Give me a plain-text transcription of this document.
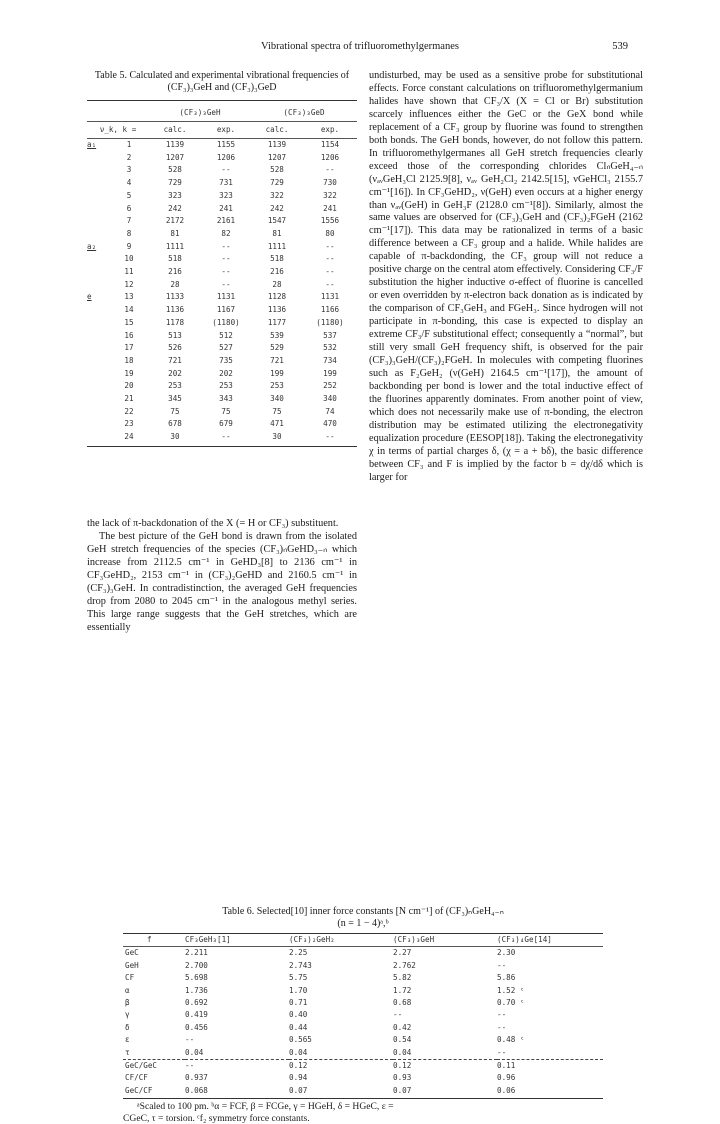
Vibrational spectra of trifluoromethylgermanes	539
Table 5. Calculated and experimental vibrational frequencies of (CF₃)₃GeH and (CF₃)₃GeD
		(CF₃)₃GeH		(CF₃)₃GeD	
ν_k, k =		calc.	exp.	calc.	exp.
a₁	1	1139	1155	1139	1154
	2	1207	1206	1207	1206
	3	528	--	528	--
	4	729	731	729	730
	5	323	323	322	322
	6	242	241	242	241
	7	2172	2161	1547	1556
	8	81	82	81	80
a₂	9	1111	--	1111	--
	10	518	--	518	--
	11	216	--	216	--
	12	28	--	28	--
e	13	1133	1131	1128	1131
	14	1136	1167	1136	1166
	15	1178	(1180)	1177	(1180)
	16	513	512	539	537
	17	526	527	529	532
	18	721	735	721	734
	19	202	202	199	199
	20	253	253	253	252
	21	345	343	340	340
	22	75	75	75	74
	23	678	679	471	470
	24	30	--	30	--

the lack of π-backdonation of the X (= H or CF₃) substituent.

The best picture of the GeH bond is drawn from the isolated GeH stretch frequencies of the species (CF₃)ₙGeHD₃₋ₙ which increase from 2112.5 cm⁻¹ in GeHD₃[8] to 2136 cm⁻¹ in CF₃GeHD₂, 2153 cm⁻¹ in (CF₃)₂GeHD and 2160.5 cm⁻¹ in (CF₃)₃GeH. In contradistinction, the averaged GeH frequencies drop from 2080 to 2045 cm⁻¹ in the analogous methyl series. This large range suggests that the GeH stretches, which are essentially

undisturbed, may be used as a sensitive probe for substitutional effects. Force constant calculations on trifluoromethylgermanium halides have shown that CF₃/X (X = Cl or Br) substitution scarcely influences either the GeC or the GeX bond while replacement of a CF₃ group by fluorine was found to strengthen both bonds. The GeH bonds, however, do not follow this pattern. In trifluoromethylgermanes all GeH stretch frequencies clearly exceed those of the corresponding chlorides ClₙGeH₄₋ₙ (νₐᵥGeH₃Cl 2125.9[8], νₐᵥ GeH₂Cl₂ 2142.5[15], νGeHCl₃ 2155.7 cm⁻¹[16]). In CF₃GeHD₂, ν(GeH) even occurs at a higher energy than νₐᵥ(GeH) in GeH₃F (2128.0 cm⁻¹[8]). Similarly, almost the same values are observed for (CF₃)₃GeH and (CF₃)₂FGeH (2162 cm⁻¹[17]). This data may be rationalized in terms of a basic difference between a CF₃ group and a halide. While halides are capable of π-backdonding, the CF₃ group will not reduce a positive charge on the central atom effectively. Considering CF₃/F substitution the higher inductive σ-effect of fluorine is cancelled or even overridden by π-electron back donation as is indicated by the comparison of CF₃GeH₃ and FGeH₃. Since hydrogen will not participate in π-bonding, this case is expected to display an extreme CF₃/F substitutional effect; consequently a “normal”, but still very small GeH frequency shift, is observed for the pair (CF₃)₃GeH/(CF₃)₂FGeH. In molecules with competing fluorines such as F₂GeH₂ (ν(GeH) 2164.5 cm⁻¹[17]), the amount of backbonding per bond is lower and the total inductive effect of the fluorines apparently dominates. From another point of view, which does not necessarily make use of π-bonding, the electron distribution may be estimated utilizing the electronegativity equalization procedure (EESOP[18]). Taking the electronegativity χ in terms of partial charges δ, (χ = a + bδ), the basic difference between CF₃ and F is implied by the factor b = dχ/dδ which is larger for

Table 6. Selected[10] inner force constants [N cm⁻¹] of (CF₃)ₙGeH₄₋ₙ
(n = 1 − 4)ᵃ,ᵇ
f	CF₃GeH₃[1]	(CF₃)₂GeH₂	(CF₃)₃GeH	(CF₃)₄Ge[14]
GeC	2.211	2.25	2.27	2.30
GeH	2.700	2.743	2.762	--
CF	5.698	5.75	5.82	5.86
α	1.736	1.70	1.72	1.52 ᶜ
β	0.692	0.71	0.68	0.70 ᶜ
γ	0.419	0.40	--	--
δ	0.456	0.44	0.42	--
ε	--	0.565	0.54	0.48 ᶜ
τ	0.04	0.04	0.04	--
GeC/GeC	--	0.12	0.12	0.11
CF/CF	0.937	0.94	0.93	0.96
GeC/CF	0.068	0.07	0.07	0.06
ᵃScaled to 100 pm. ᵇα = FCF, β = FCGe, γ = HGeH, δ = HGeC, ε =
CGeC, τ = torsion. ᶜf₂ symmetry force constants.
